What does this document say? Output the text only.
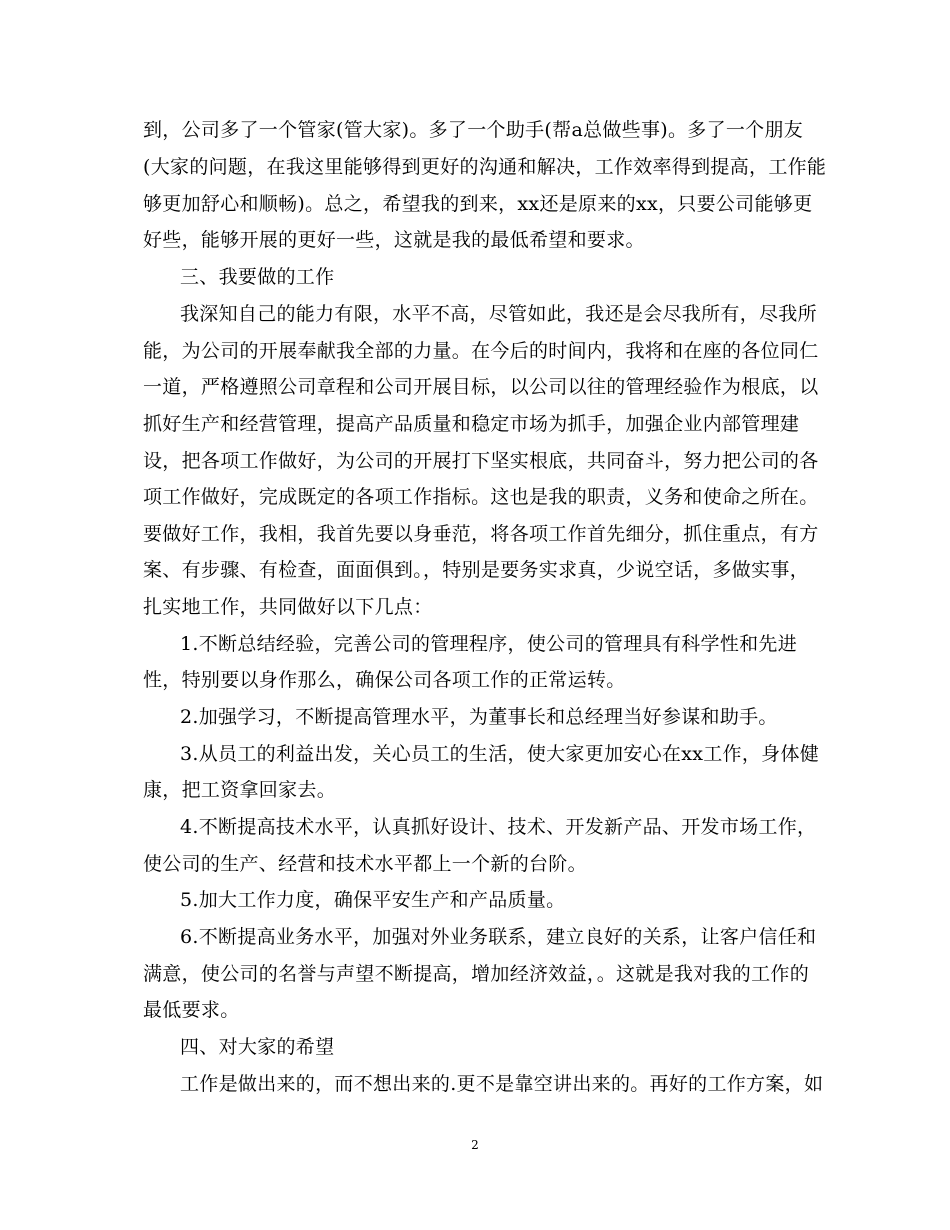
到，公司多了一个管家(管大家)。多了一个助手(帮a总做些事)。多了一个朋友
(大家的问题，在我这里能够得到更好的沟通和解决，工作效率得到提高，工作能
够更加舒心和顺畅)。总之，希望我的到来，xx还是原来的xx，只要公司能够更
好些，能够开展的更好一些，这就是我的最低希望和要求。
三、我要做的工作
我深知自己的能力有限，水平不高，尽管如此，我还是会尽我所有，尽我所
能，为公司的开展奉献我全部的力量。在今后的时间内，我将和在座的各位同仁
一道，严格遵照公司章程和公司开展目标，以公司以往的管理经验作为根底，以
抓好生产和经营管理，提高产品质量和稳定市场为抓手，加强企业内部管理建
设，把各项工作做好，为公司的开展打下坚实根底，共同奋斗，努力把公司的各
项工作做好，完成既定的各项工作指标。这也是我的职责，义务和使命之所在。
要做好工作，我相，我首先要以身垂范，将各项工作首先细分，抓住重点，有方
案、有步骤、有检查，面面俱到。，特别是要务实求真，少说空话，多做实事，
扎实地工作，共同做好以下几点：
1.不断总结经验，完善公司的管理程序，使公司的管理具有科学性和先进
性，特别要以身作那么，确保公司各项工作的正常运转。
2.加强学习，不断提高管理水平，为董事长和总经理当好参谋和助手。
3.从员工的利益出发，关心员工的生活，使大家更加安心在xx工作，身体健
康，把工资拿回家去。
4.不断提高技术水平，认真抓好设计、技术、开发新产品、开发市场工作，
使公司的生产、经营和技术水平都上一个新的台阶。
5.加大工作力度，确保平安生产和产品质量。
6.不断提高业务水平，加强对外业务联系，建立良好的关系，让客户信任和
满意，使公司的名誉与声望不断提高，增加经济效益，。这就是我对我的工作的
最低要求。
四、对大家的希望
工作是做出来的，而不想出来的.更不是靠空讲出来的。再好的工作方案，如
2
